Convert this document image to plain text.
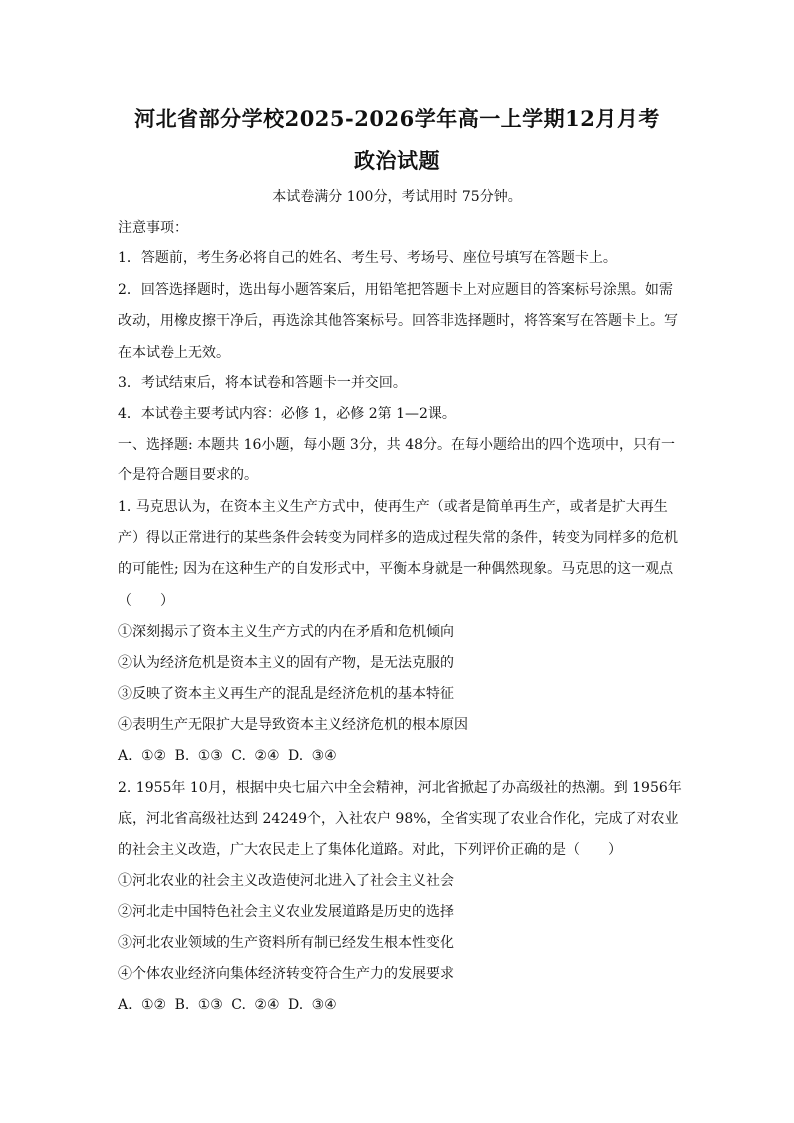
河北省部分学校2025-2026学年高一上学期12月月考
政治试题
本试卷满分 100分，考试用时 75分钟。
注意事项：
1．答题前，考生务必将自己的姓名、考生号、考场号、座位号填写在答题卡上。
2．回答选择题时，选出每小题答案后，用铅笔把答题卡上对应题目的答案标号涂黑。如需
改动，用橡皮擦干净后，再选涂其他答案标号。回答非选择题时，将答案写在答题卡上。写
在本试卷上无效。
3．考试结束后，将本试卷和答题卡一并交回。
4．本试卷主要考试内容：必修 1，必修 2第 1—2课。
一、选择题: 本题共 16小题，每小题 3分，共 48分。在每小题给出的四个选项中，只有一
个是符合题目要求的。
1. 马克思认为，在资本主义生产方式中，使再生产（或者是简单再生产，或者是扩大再生
产）得以正常进行的某些条件会转变为同样多的造成过程失常的条件，转变为同样多的危机
的可能性; 因为在这种生产的自发形式中，平衡本身就是一种偶然现象。马克思的这一观点
（　　）
①深刻揭示了资本主义生产方式的内在矛盾和危机倾向
②认为经济危机是资本主义的固有产物，是无法克服的
③反映了资本主义再生产的混乱是经济危机的基本特征
④表明生产无限扩大是导致资本主义经济危机的根本原因
A. ①② B. ①③ C. ②④ D. ③④
2. 1955年 10月，根据中央七届六中全会精神，河北省掀起了办高级社的热潮。到 1956年
底，河北省高级社达到 24249个，入社农户 98%，全省实现了农业合作化，完成了对农业
的社会主义改造，广大农民走上了集体化道路。对此，下列评价正确的是（　　）
①河北农业的社会主义改造使河北进入了社会主义社会
②河北走中国特色社会主义农业发展道路是历史的选择
③河北农业领域的生产资料所有制已经发生根本性变化
④个体农业经济向集体经济转变符合生产力的发展要求
A. ①② B. ①③ C. ②④ D. ③④
